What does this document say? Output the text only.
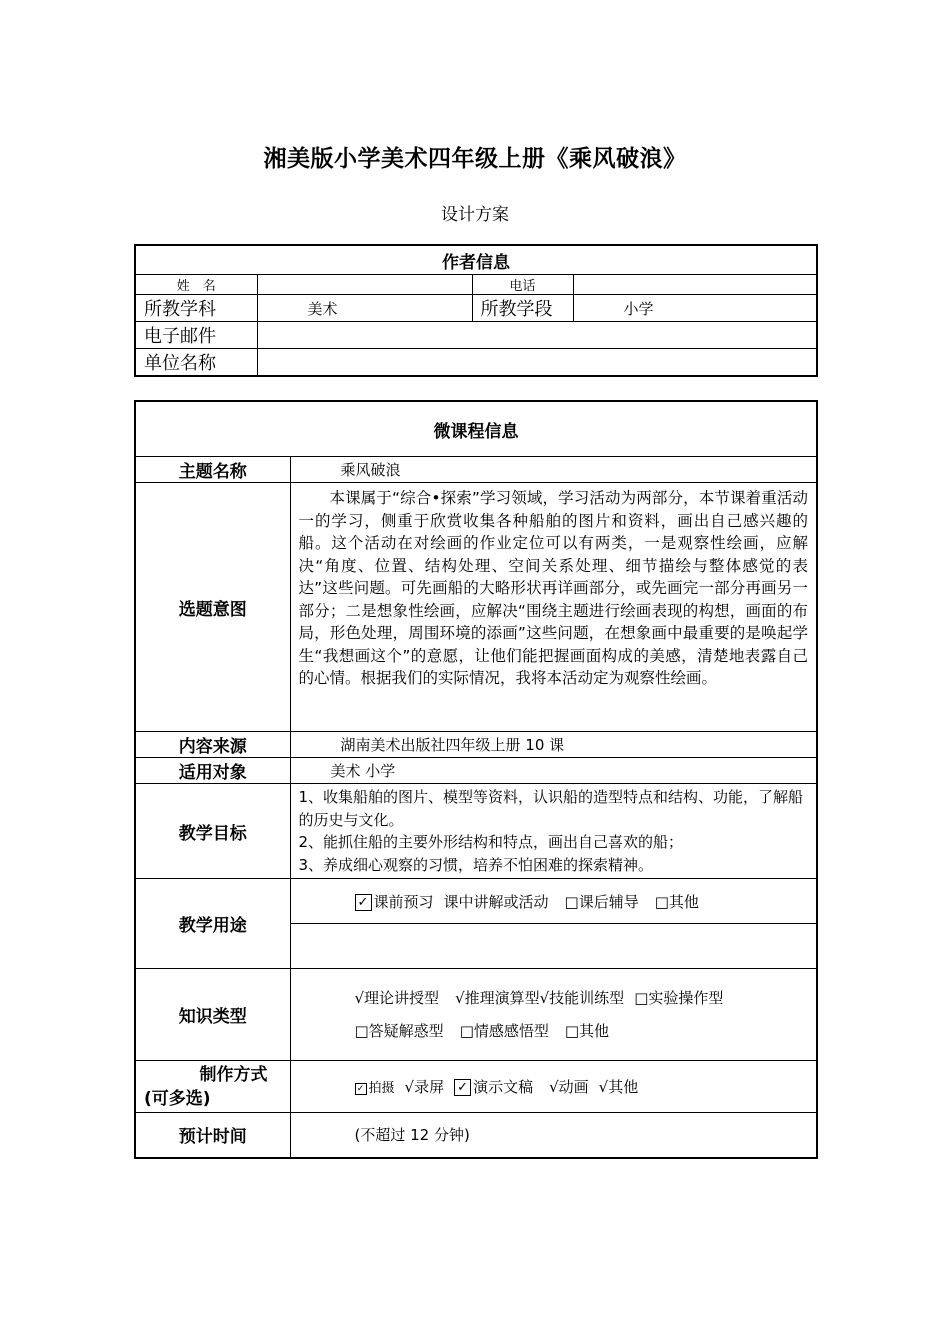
湘美版小学美术四年级上册《乘风破浪》
设计方案
作者信息			
姓　名		电话	
所教学科	美术	所教学段	小学
电子邮件			
单位名称			
微课程信息	
主题名称	乘风破浪
选题意图	本课属于“综合•探索”学习领域，学习活动为两部分，本节课着重活动一的学习，侧重于欣赏收集各种船舶的图片和资料，画出自己感兴趣的船。这个活动在对绘画的作业定位可以有两类，一是观察性绘画，应解决“角度、位置、结构处理、空间关系处理、细节描绘与整体感觉的表达”这些问题。可先画船的大略形状再详画部分，或先画完一部分再画另一部分；二是想象性绘画，应解决“围绕主题进行绘画表现的构想，画面的布局，形色处理，周围环境的添画”这些问题，在想象画中最重要的是唤起学生“我想画这个”的意愿，让他们能把握画面构成的美感，清楚地表露自己的心情。根据我们的实际情况，我将本活动定为观察性绘画。
内容来源	湖南美术出版社四年级上册 10 课
适用对象	美术 小学
教学目标	1、收集船舶的图片、模型等资料，认识船的造型特点和结构、功能，了解船的历史与文化。

2、能抓住船的主要外形结构和特点，画出自己喜欢的船；

3、养成细心观察的习惯，培养不怕困难的探索精神。

教学用途	✓ 课前预习 课中讲解或活动 □课后辅导 □其他

知识类型	√理论讲授型 √推理演算型√技能训练型 □实验操作型
□答疑解惑型 □情感感悟型 □其他

制作方式
(可多选)	✓ 拍摄 √录屏 ✓ 演示文稿 √动画 √其他
预计时间	(不超过 12 分钟)
